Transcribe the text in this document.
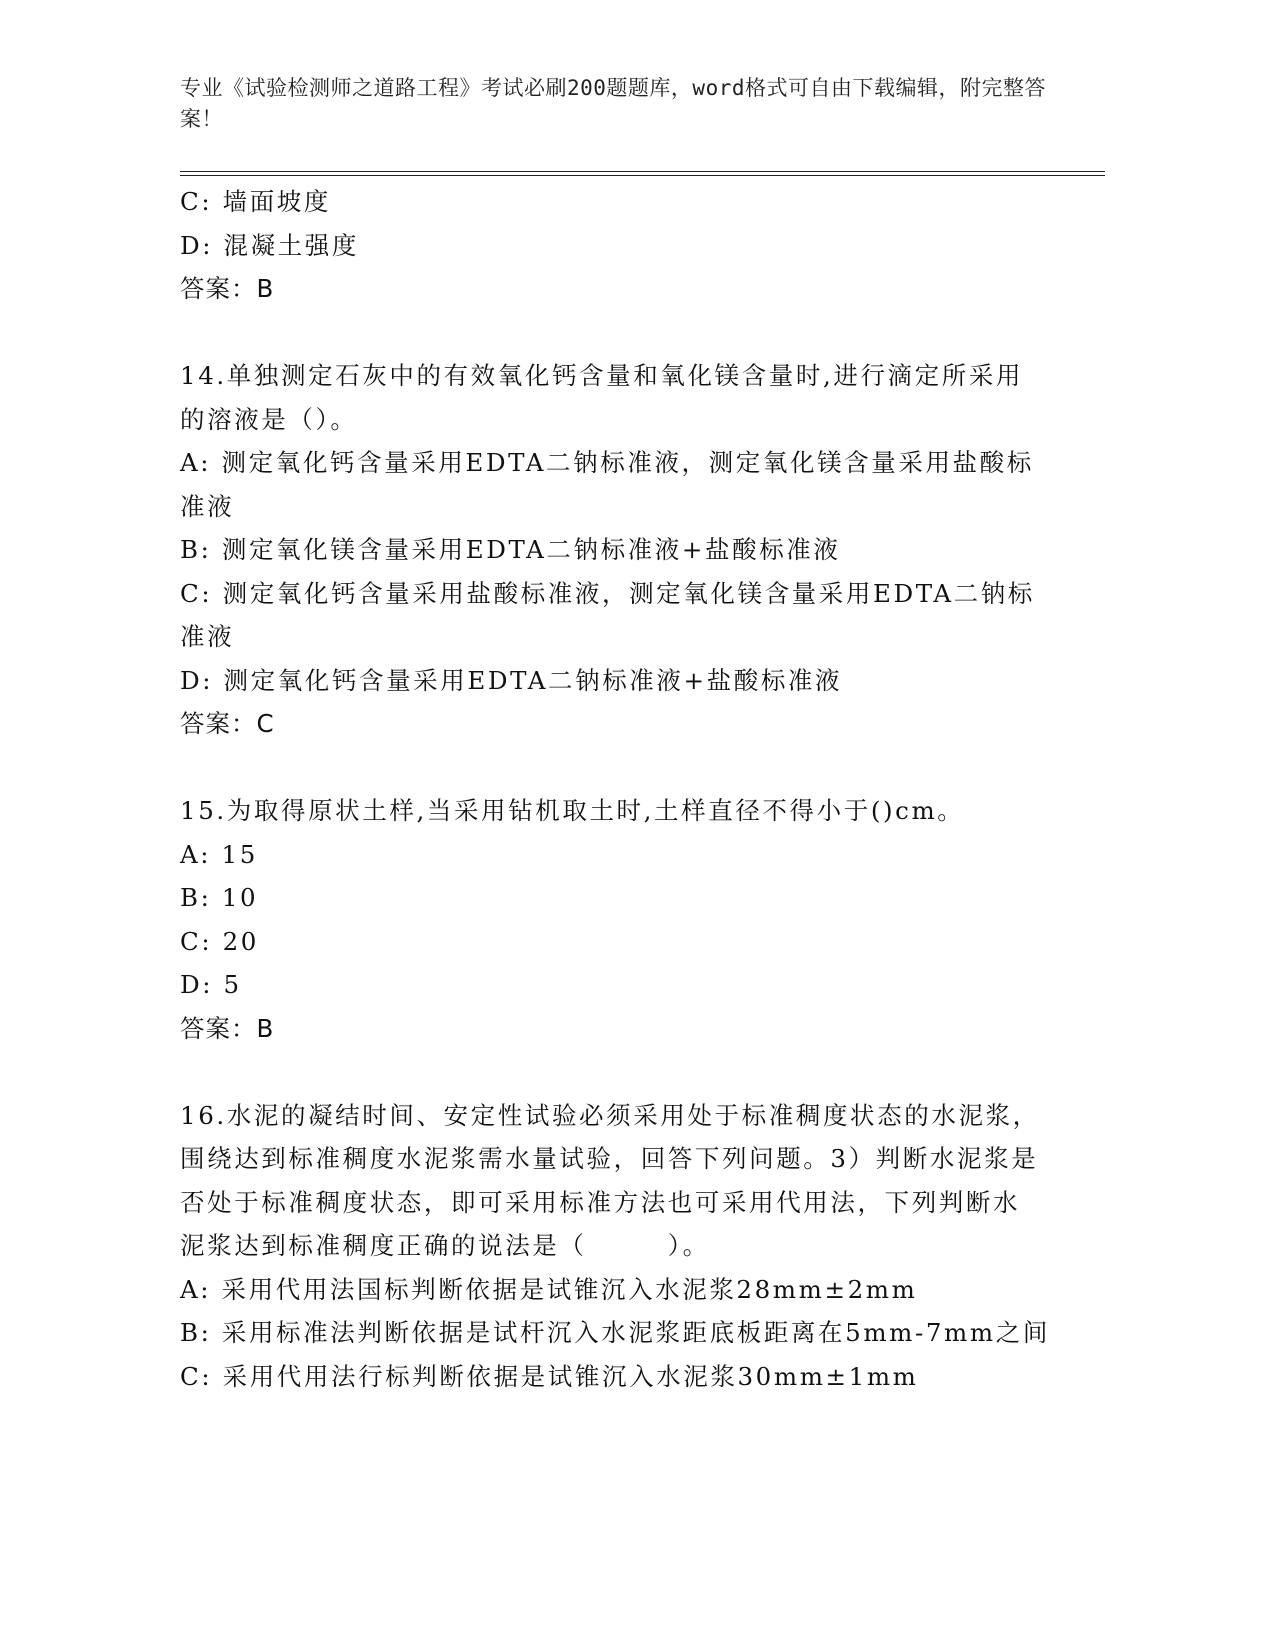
专业《试验检测师之道路工程》考试必刷200题题库，word格式可自由下载编辑，附完整答案！
C: 墙面坡度
D: 混凝土强度
答案：B
14.单独测定石灰中的有效氧化钙含量和氧化镁含量时,进行滴定所采用的溶液是（）。
A: 测定氧化钙含量采用EDTA二钠标准液，测定氧化镁含量采用盐酸标准液
B: 测定氧化镁含量采用EDTA二钠标准液+盐酸标准液
C: 测定氧化钙含量采用盐酸标准液，测定氧化镁含量采用EDTA二钠标准液
D: 测定氧化钙含量采用EDTA二钠标准液+盐酸标准液
答案：C
15.为取得原状土样,当采用钻机取土时,土样直径不得小于()cm。
A: 15
B: 10
C: 20
D: 5
答案：B
16.水泥的凝结时间、安定性试验必须采用处于标准稠度状态的水泥浆，围绕达到标准稠度水泥浆需水量试验，回答下列问题。3）判断水泥浆是否处于标准稠度状态，即可采用标准方法也可采用代用法，下列判断水泥浆达到标准稠度正确的说法是（　　　）。
A: 采用代用法国标判断依据是试锥沉入水泥浆28mm±2mm
B: 采用标准法判断依据是试杆沉入水泥浆距底板距离在5mm-7mm之间
C: 采用代用法行标判断依据是试锥沉入水泥浆30mm±1mm
